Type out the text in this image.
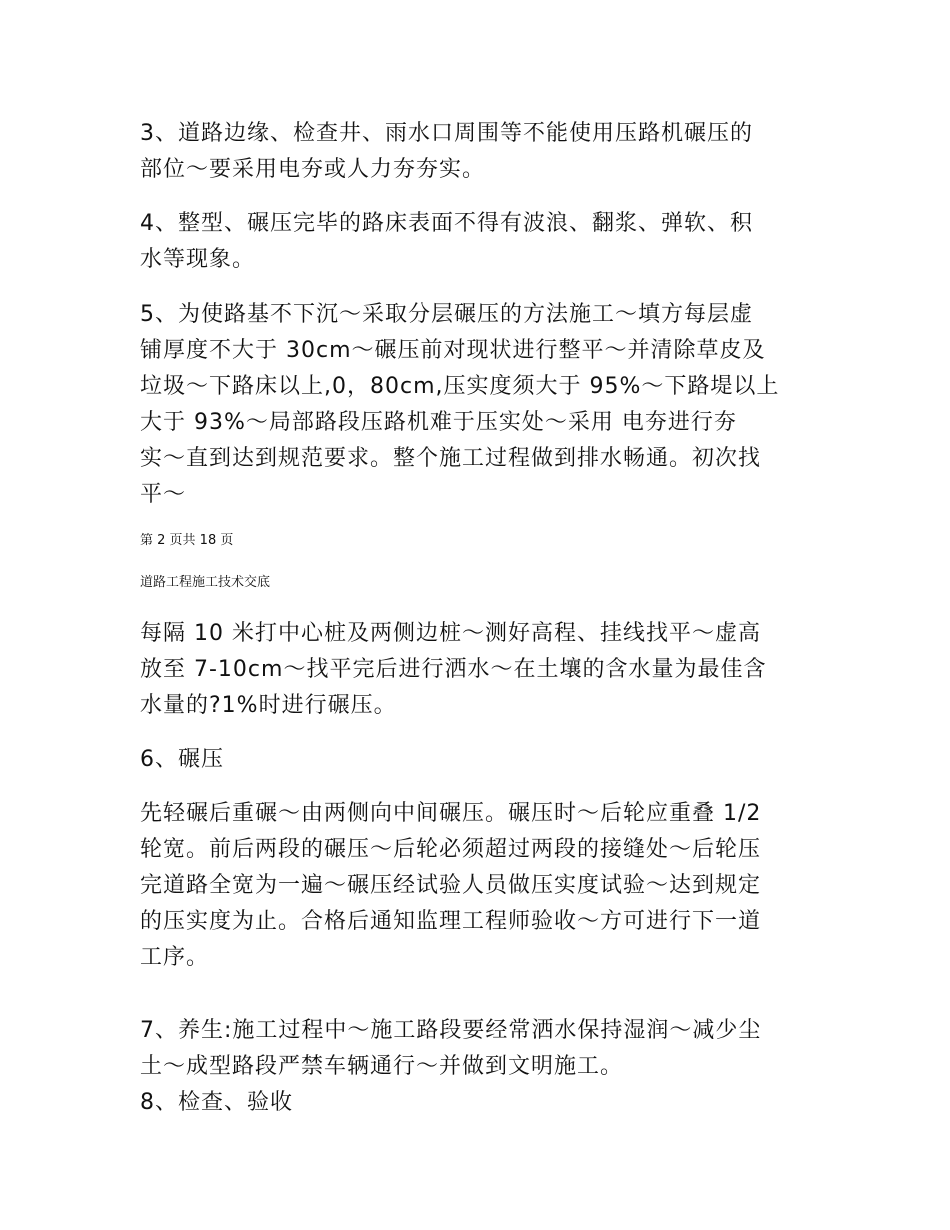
3、道路边缘、检查井、雨水口周围等不能使用压路机碾压的
部位～要采用电夯或人力夯夯实。
4、整型、碾压完毕的路床表面不得有波浪、翻浆、弹软、积
水等现象。
5、为使路基不下沉～采取分层碾压的方法施工～填方每层虚
铺厚度不大于 30cm～碾压前对现状进行整平～并清除草皮及
垃圾～下路床以上,0，80cm,压实度须大于 95%～下路堤以上
大于 93%～局部路段压路机难于压实处～采用 电夯进行夯
实～直到达到规范要求。整个施工过程做到排水畅通。初次找
平～
第 2 页共 18 页
道路工程施工技术交底
每隔 10 米打中心桩及两侧边桩～测好高程、挂线找平～虚高
放至 7-10cm～找平完后进行洒水～在土壤的含水量为最佳含
水量的?1%时进行碾压。
6、碾压
先轻碾后重碾～由两侧向中间碾压。碾压时～后轮应重叠 1/2
轮宽。前后两段的碾压～后轮必须超过两段的接缝处～后轮压
完道路全宽为一遍～碾压经试验人员做压实度试验～达到规定
的压实度为止。合格后通知监理工程师验收～方可进行下一道
工序。
7、养生:施工过程中～施工路段要经常洒水保持湿润～减少尘
土～成型路段严禁车辆通行～并做到文明施工。
8、检查、验收
